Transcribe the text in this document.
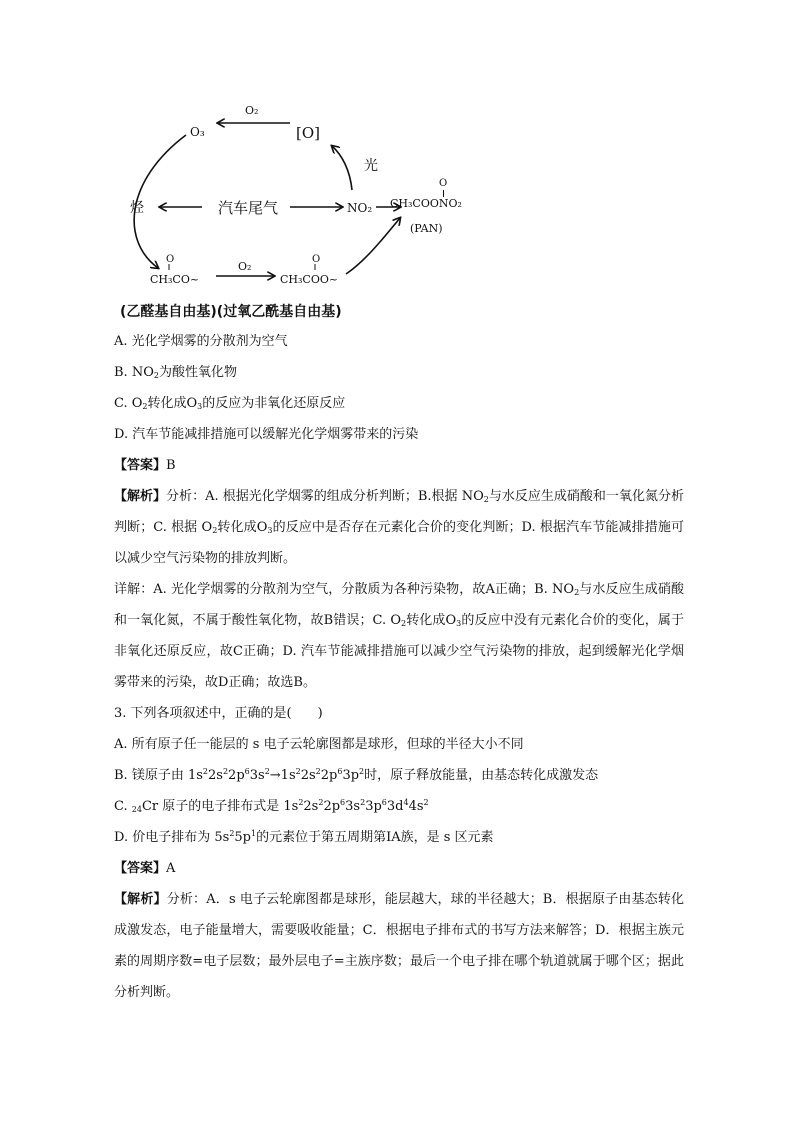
O₂
O₃	[O]
光
烃	汽车尾气	NO₂
O
CH₃CO~
O₂
O
CH₃COO~
(乙醛基自由基)(过氧乙酰基自由基)
O
CH₃COONO₂
(PAN)
A. 光化学烟雾的分散剂为空气
B. $NO_2$为酸性氧化物
C. $O_2$转化成$O_3$的反应为非氧化还原反应
D. 汽车节能减排措施可以缓解光化学烟雾带来的污染
【答案】B
【解析】分析：A. 根据光化学烟雾的组成分析判断；B.根据 $NO_2$与水反应生成硝酸和一氧化氮分析判断；C. 根据 $O_2$转化成$O_3$的反应中是否存在元素化合价的变化判断；D. 根据汽车节能减排措施可以减少空气污染物的排放判断。
详解：A. 光化学烟雾的分散剂为空气，分散质为各种污染物，故A正确；B. $NO_2$与水反应生成硝酸和一氧化氮，不属于酸性氧化物，故B错误；C. $O_2$转化成$O_3$的反应中没有元素化合价的变化，属于非氧化还原反应，故C正确；D. 汽车节能减排措施可以减少空气污染物的排放，起到缓解光化学烟雾带来的污染，故D正确；故选B。
3. 下列各项叙述中，正确的是(　　)
A. 所有原子任一能层的 s 电子云轮廓图都是球形，但球的半径大小不同
B. 镁原子由 $1s^22s^22p^63s^2\to 1s^22s^22p^63p^2$时，原子释放能量，由基态转化成激发态
C. 24Cr 原子的电子排布式是 $1s^22s^22p^63s^23p^63d^44s^2$
D. 价电子排布为 $5s^25p^1$的元素位于第五周期第ⅠA族，是 s 区元素
【答案】A
【解析】分析：A．s 电子云轮廓图都是球形，能层越大，球的半径越大；B．根据原子由基态转化成激发态，电子能量增大，需要吸收能量；C．根据电子排布式的书写方法来解答；D．根据主族元素的周期序数=电子层数；最外层电子=主族序数；最后一个电子排在哪个轨道就属于哪个区；据此分析判断。
